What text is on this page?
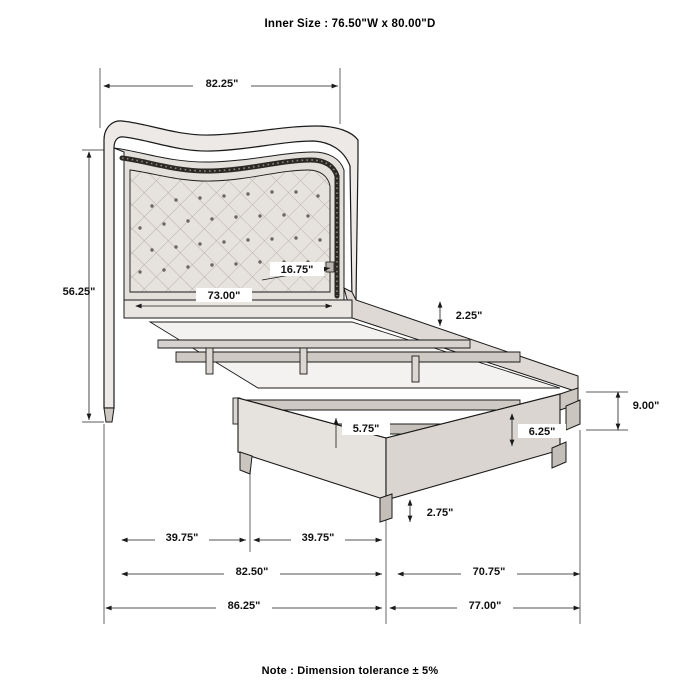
Inner Size : 76.50"W x 80.00"D
82.25"
56.25"	73.00"
16.75"
2.25"
5.75"	6.25"
9.00"
2.75"
39.75"	39.75"
82.50"	70.75"
86.25"	77.00"
Note : Dimension tolerance ± 5%
